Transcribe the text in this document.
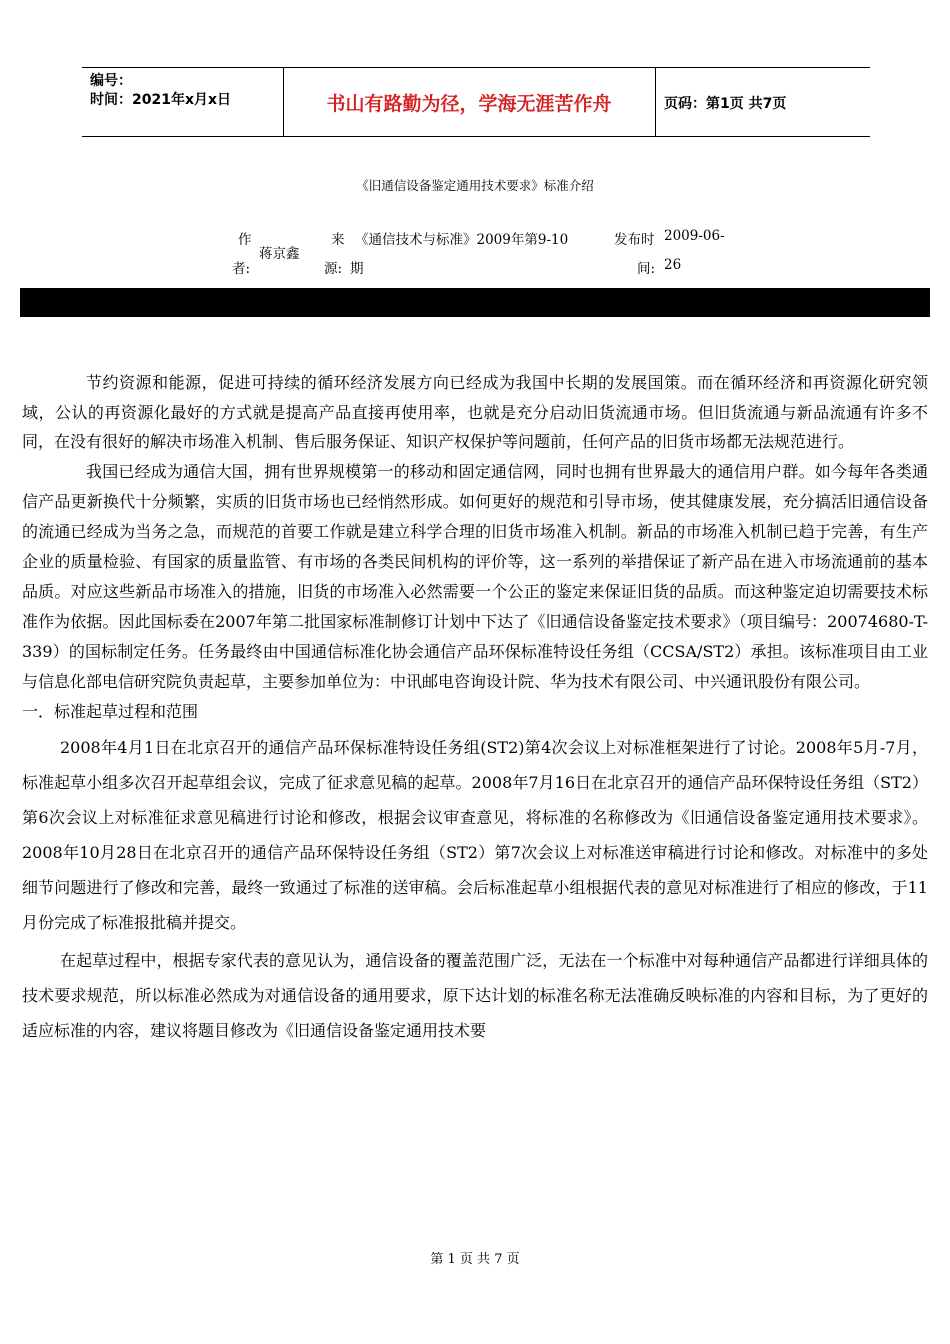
编号：
时间：2021年x月x日	书山有路勤为径，学海无涯苦作舟	页码：第1页 共7页
《旧通信设备鉴定通用技术要求》标准介绍
作
者:
蒋京鑫
来
源:
《通信技术与标准》2009年第9-10
期
发布时
间:
2009-06-
26

节约资源和能源，促进可持续的循环经济发展方向已经成为我国中长期的发展国策。而在循环经济和再资源化研究领域，公认的再资源化最好的方式就是提高产品直接再使用率，也就是充分启动旧货流通市场。但旧货流通与新品流通有许多不同，在没有很好的解决市场准入机制、售后服务保证、知识产权保护等问题前，任何产品的旧货市场都无法规范进行。

我国已经成为通信大国，拥有世界规模第一的移动和固定通信网，同时也拥有世界最大的通信用户群。如今每年各类通信产品更新换代十分频繁，实质的旧货市场也已经悄然形成。如何更好的规范和引导市场，使其健康发展，充分搞活旧通信设备的流通已经成为当务之急，而规范的首要工作就是建立科学合理的旧货市场准入机制。新品的市场准入机制已趋于完善，有生产企业的质量检验、有国家的质量监管、有市场的各类民间机构的评价等，这一系列的举措保证了新产品在进入市场流通前的基本品质。对应这些新品市场准入的措施，旧货的市场准入必然需要一个公正的鉴定来保证旧货的品质。而这种鉴定迫切需要技术标准作为依据。因此国标委在2007年第二批国家标准制修订计划中下达了《旧通信设备鉴定技术要求》（项目编号：20074680-T-339）的国标制定任务。任务最终由中国通信标准化协会通信产品环保标准特设任务组（CCSA/ST2）承担。该标准项目由工业与信息化部电信研究院负责起草，主要参加单位为：中讯邮电咨询设计院、华为技术有限公司、中兴通讯股份有限公司。

一．标准起草过程和范围

2008年4月1日在北京召开的通信产品环保标准特设任务组(ST2)第4次会议上对标准框架进行了讨论。2008年5月-7月，标准起草小组多次召开起草组会议，完成了征求意见稿的起草。2008年7月16日在北京召开的通信产品环保特设任务组（ST2）第6次会议上对标准征求意见稿进行讨论和修改，根据会议审查意见，将标准的名称修改为《旧通信设备鉴定通用技术要求》。2008年10月28日在北京召开的通信产品环保特设任务组（ST2）第7次会议上对标准送审稿进行讨论和修改。对标准中的多处细节问题进行了修改和完善，最终一致通过了标准的送审稿。会后标准起草小组根据代表的意见对标准进行了相应的修改，于11月份完成了标准报批稿并提交。

在起草过程中，根据专家代表的意见认为，通信设备的覆盖范围广泛，无法在一个标准中对每种通信产品都进行详细具体的技术要求规范，所以标准必然成为对通信设备的通用要求，原下达计划的标准名称无法准确反映标准的内容和目标，为了更好的适应标准的内容，建议将题目修改为《旧通信设备鉴定通用技术要

第 1 页 共 7 页
